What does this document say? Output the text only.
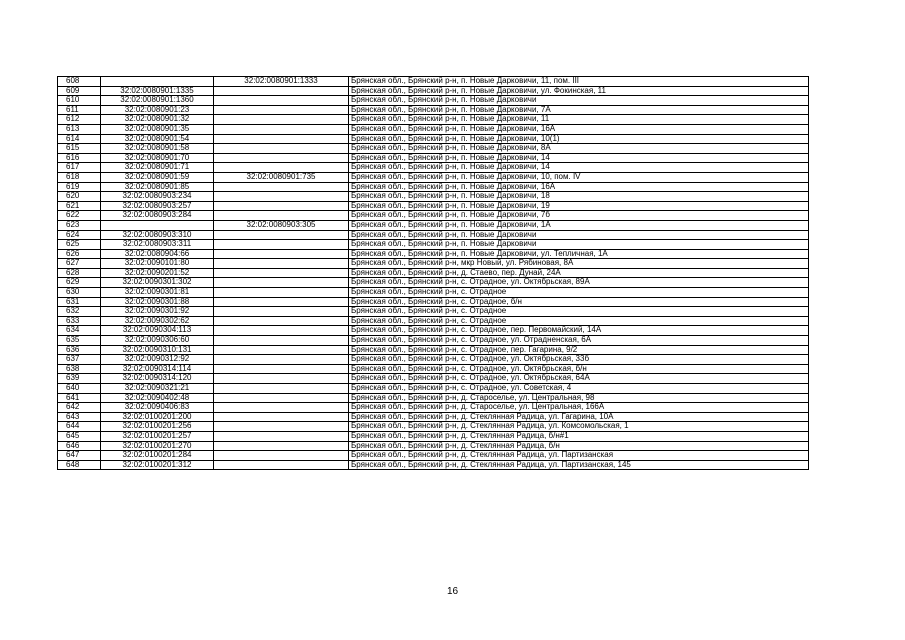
608		32:02:0080901:1333	Брянская обл., Брянский р-н, п. Новые Дарковичи, 11, пом. III
609	32:02:0080901:1335		Брянская обл., Брянский р-н, п. Новые Дарковичи, ул. Фокинская, 11
610	32:02:0080901:1360		Брянская обл., Брянский р-н, п. Новые Дарковичи
611	32:02:0080901:23		Брянская обл., Брянский р-н, п. Новые Дарковичи, 7А
612	32:02:0080901:32		Брянская обл., Брянский р-н, п. Новые Дарковичи, 11
613	32:02:0080901:35		Брянская обл., Брянский р-н, п. Новые Дарковичи, 16А
614	32:02:0080901:54		Брянская обл., Брянский р-н, п. Новые Дарковичи, 10(1)
615	32:02:0080901:58		Брянская обл., Брянский р-н, п. Новые Дарковичи, 8А
616	32:02:0080901:70		Брянская обл., Брянский р-н, п. Новые Дарковичи, 14
617	32:02:0080901:71		Брянская обл., Брянский р-н, п. Новые Дарковичи, 14
618	32:02:0080901:59	32:02:0080901:735	Брянская обл., Брянский р-н, п. Новые Дарковичи, 10, пом. IV
619	32:02:0080901:85		Брянская обл., Брянский р-н, п. Новые Дарковичи, 16А
620	32:02:0080903:234		Брянская обл., Брянский р-н, п. Новые Дарковичи, 18
621	32:02:0080903:257		Брянская обл., Брянский р-н, п. Новые Дарковичи, 19
622	32:02:0080903:284		Брянская обл., Брянский р-н, п. Новые Дарковичи, 7б
623		32:02:0080903:305	Брянская обл., Брянский р-н, п. Новые Дарковичи, 1А
624	32:02:0080903:310		Брянская обл., Брянский р-н, п. Новые Дарковичи
625	32:02:0080903:311		Брянская обл., Брянский р-н, п. Новые Дарковичи
626	32:02:0080904:66		Брянская обл., Брянский р-н, п. Новые Дарковичи, ул. Тепличная, 1А
627	32:02:0090101:80		Брянская обл., Брянский р-н, мкр Новый, ул. Рябиновая, 8А
628	32:02:0090201:52		Брянская обл., Брянский р-н, д. Стаево, пер. Дунай, 24А
629	32:02:0090301:302		Брянская обл., Брянский р-н, с. Отрадное, ул. Октябрьская, 89А
630	32:02:0090301:81		Брянская обл., Брянский р-н, с. Отрадное
631	32:02:0090301:88		Брянская обл., Брянский р-н, с. Отрадное, б/н
632	32:02:0090301:92		Брянская обл., Брянский р-н, с. Отрадное
633	32:02:0090302:62		Брянская обл., Брянский р-н, с. Отрадное
634	32:02:0090304:113		Брянская обл., Брянский р-н, с. Отрадное, пер. Первомайский, 14А
635	32:02:0090306:60		Брянская обл., Брянский р-н, с. Отрадное, ул. Отрадненская, 6А
636	32:02:0090310:131		Брянская обл., Брянский р-н, с. Отрадное, пер. Гагарина, 9/2
637	32:02:0090312:92		Брянская обл., Брянский р-н, с. Отрадное, ул. Октябрьская, 33б
638	32:02:0090314:114		Брянская обл., Брянский р-н, с. Отрадное, ул. Октябрьская, б/н
639	32:02:0090314:120		Брянская обл., Брянский р-н, с. Отрадное, ул. Октябрьская, 64А
640	32:02:0090321:21		Брянская обл., Брянский р-н, с. Отрадное, ул. Советская, 4
641	32:02:0090402:48		Брянская обл., Брянский р-н, д. Староселье, ул. Центральная, 98
642	32:02:0090406:83		Брянская обл., Брянский р-н, д. Староселье, ул. Центральная, 166А
643	32:02:0100201:200		Брянская обл., Брянский р-н, д. Стеклянная Радица, ул. Гагарина, 10А
644	32:02:0100201:256		Брянская обл., Брянский р-н, д. Стеклянная Радица, ул. Комсомольская, 1
645	32:02:0100201:257		Брянская обл., Брянский р-н, д. Стеклянная Радица, б/н#1
646	32:02:0100201:270		Брянская обл., Брянский р-н, д. Стеклянная Радица, б/н
647	32:02:0100201:284		Брянская обл., Брянский р-н, д. Стеклянная Радица, ул. Партизанская
648	32:02:0100201:312		Брянская обл., Брянский р-н, д. Стеклянная Радица, ул. Партизанская, 145
16
